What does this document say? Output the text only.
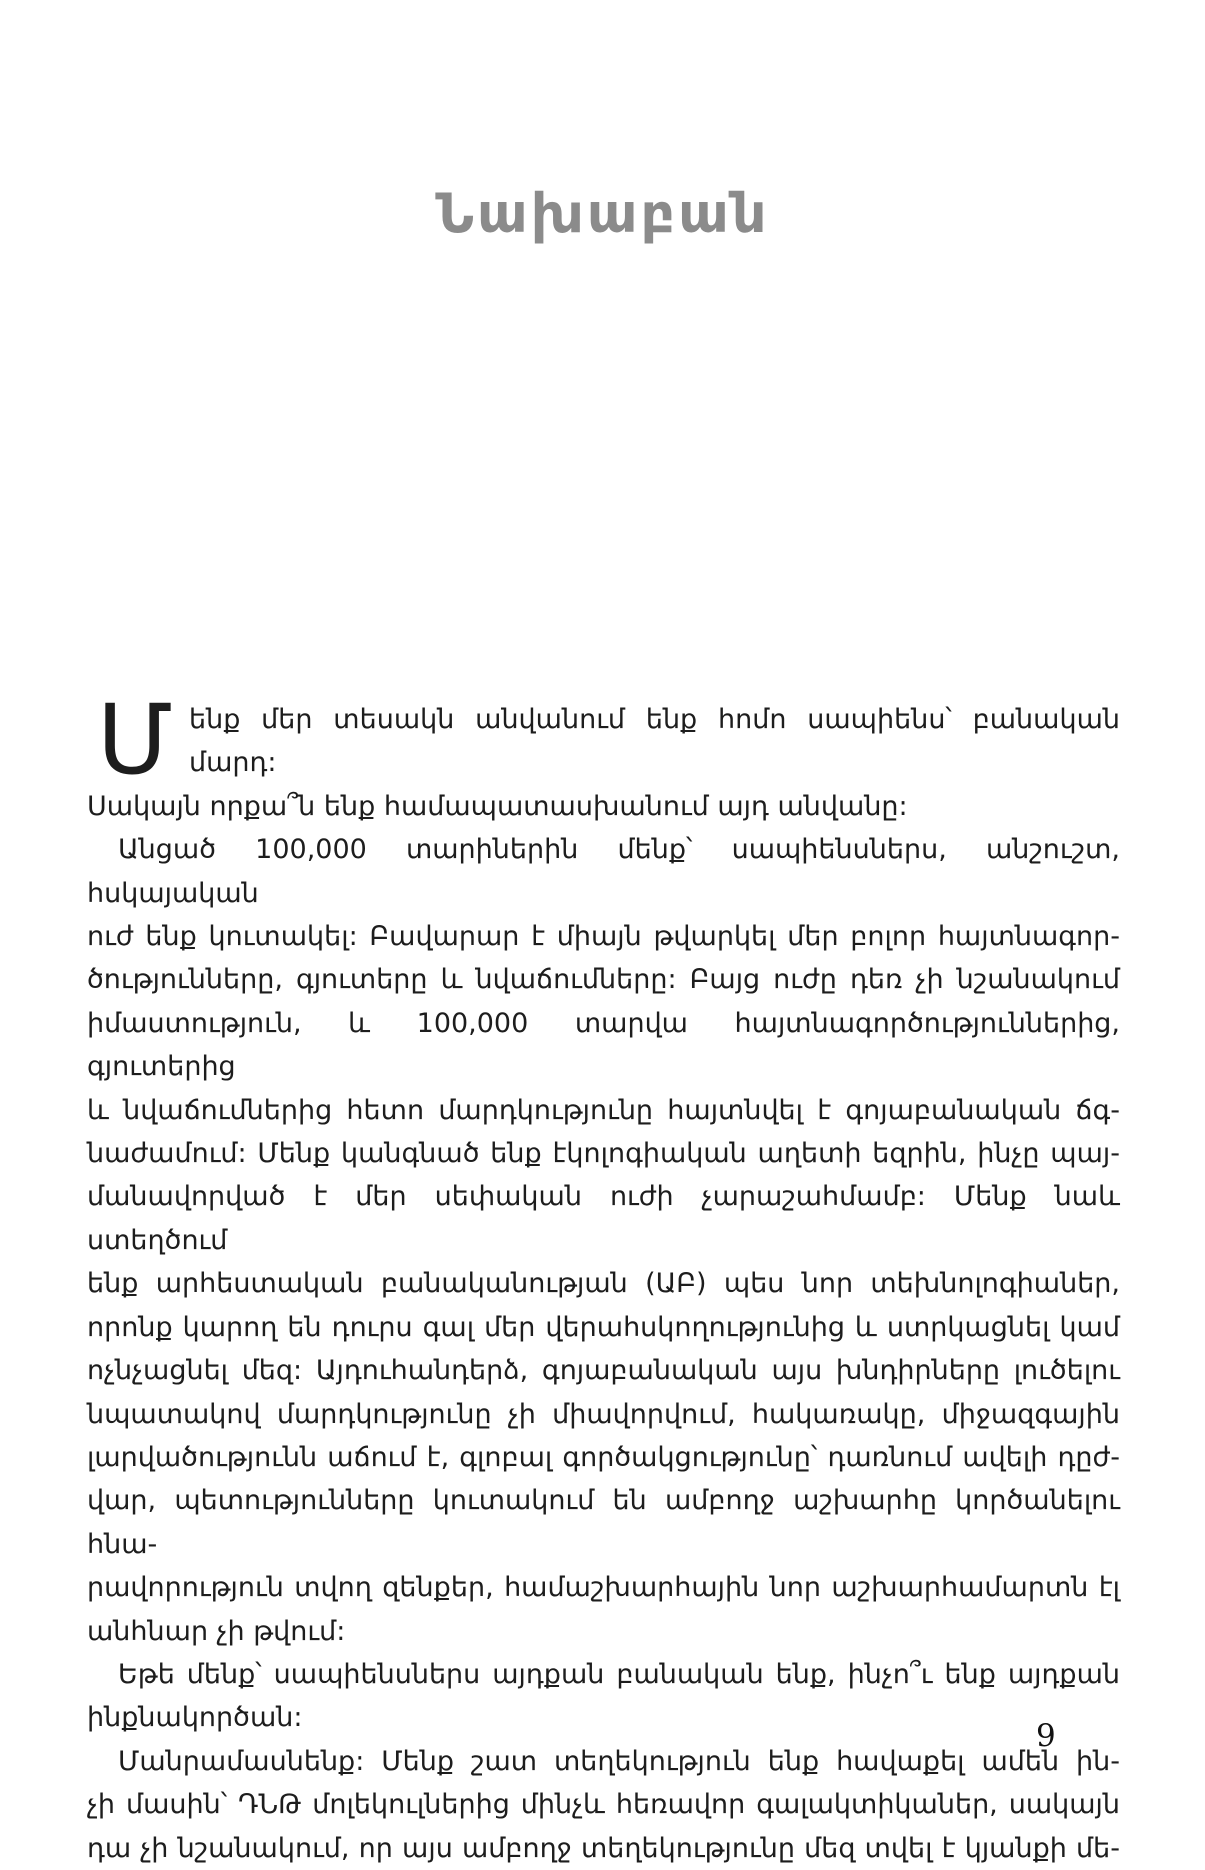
Նախաբան
Մ ենք մեր տեսակն անվանում ենք հոմո սապիենս՝ բանական մարդ:
Սակայն որքա՞ն ենք համապատասխանում այդ անվանը:
Անցած 100,000 տարիներին մենք՝ սապիենսներս, անշուշտ, հսկայական
ուժ ենք կուտակել: Բավարար է միայն թվարկել մեր բոլոր հայտնագոր-
ծությունները, գյուտերը և նվաճումները: Բայց ուժը դեռ չի նշանակում
իմաստություն, և 100,000 տարվա հայտնագործություններից, գյուտերից
և նվաճումներից հետո մարդկությունը հայտնվել է գոյաբանական ճգ-
նաժամում: Մենք կանգնած ենք էկոլոգիական աղետի եզրին, ինչը պայ-
մանավորված է մեր սեփական ուժի չարաշահմամբ: Մենք նաև ստեղծում
ենք արհեստական բանականության (ԱԲ) պես նոր տեխնոլոգիաներ,
որոնք կարող են դուրս գալ մեր վերահսկողությունից և ստրկացնել կամ
ոչնչացնել մեզ: Այդուհանդերձ, գոյաբանական այս խնդիրները լուծելու
նպատակով մարդկությունը չի միավորվում, հակառակը, միջազգային
լարվածությունն աճում է, գլոբալ գործակցությունը՝ դառնում ավելի դըժ-
վար, պետությունները կուտակում են ամբողջ աշխարհը կործանելու հնա-
րավորություն տվող զենքեր, համաշխարհային նոր աշխարհամարտն էլ
անհնար չի թվում:
Եթե մենք՝ սապիենսներս այդքան բանական ենք, ինչո՞ւ ենք այդքան
ինքնակործան:
Մանրամասնենք: Մենք շատ տեղեկություն ենք հավաքել ամեն ին-
չի մասին՝ ԴՆԹ մոլեկուլներից մինչև հեռավոր գալակտիկաներ, սակայն
դա չի նշանակում, որ այս ամբողջ տեղեկությունը մեզ տվել է կյանքի մե-
9
